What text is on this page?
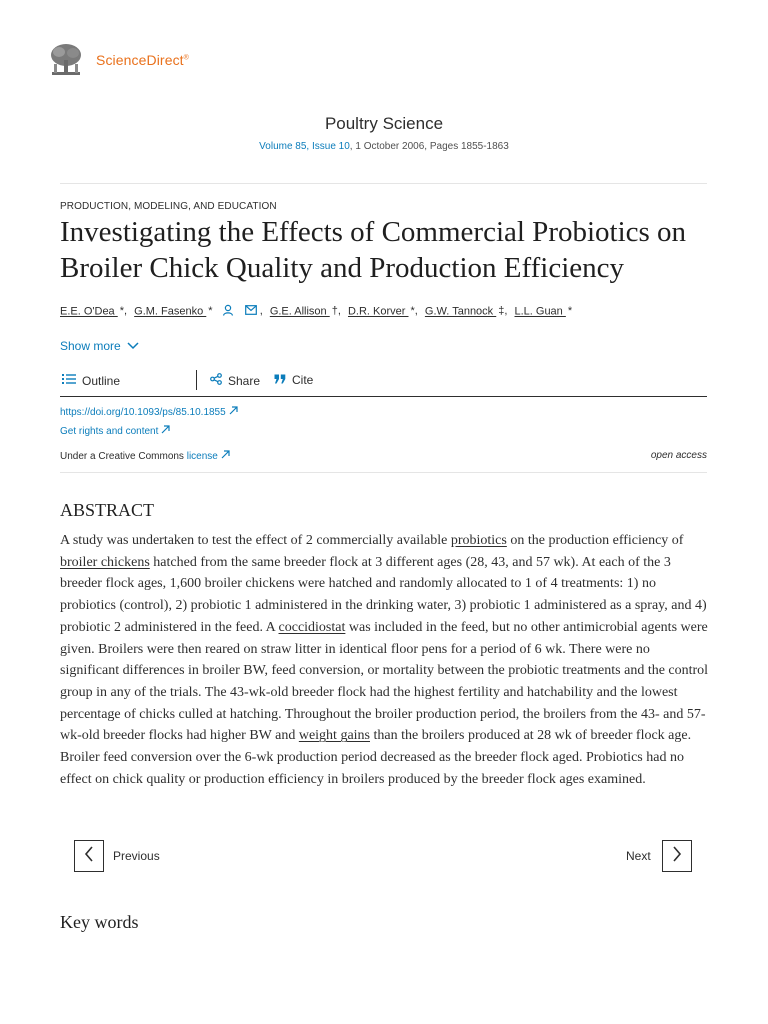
ScienceDirect®
Poultry Science
Volume 85, Issue 10, 1 October 2006, Pages 1855-1863
PRODUCTION, MODELING, AND EDUCATION
Investigating the Effects of Commercial Probiotics on Broiler Chick Quality and Production Efficiency
E.E. O'Dea *, G.M. Fasenko *	, G.E. Allison †, D.R. Korver *, G.W. Tannock ‡, L.L. Guan *
Show more
Outline	Share	Cite
https://doi.org/10.1093/ps/85.10.1855
Get rights and content
Under a Creative Commons license	open access
ABSTRACT

A study was undertaken to test the effect of 2 commercially available probiotics on the production efficiency of broiler chickens hatched from the same breeder flock at 3 different ages (28, 43, and 57 wk). At each of the 3 breeder flock ages, 1,600 broiler chickens were hatched and randomly allocated to 1 of 4 treatments: 1) no probiotics (control), 2) probiotic 1 administered in the drinking water, 3) probiotic 1 administered as a spray, and 4) probiotic 2 administered in the feed. A coccidiostat was included in the feed, but no other antimicrobial agents were given. Broilers were then reared on straw litter in identical floor pens for a period of 6 wk. There were no significant differences in broiler BW, feed conversion, or mortality between the probiotic treatments and the control group in any of the trials. The 43-wk-old breeder flock had the highest fertility and hatchability and the lowest percentage of chicks culled at hatching. Throughout the broiler production period, the broilers from the 43- and 57-wk-old breeder flocks had higher BW and weight gains than the broilers produced at 28 wk of breeder flock age. Broiler feed conversion over the 6-wk production period decreased as the breeder flock aged. Probiotics had no effect on chick quality or production efficiency in broilers produced by the breeder flock ages examined.

Previous	Next
Key words
